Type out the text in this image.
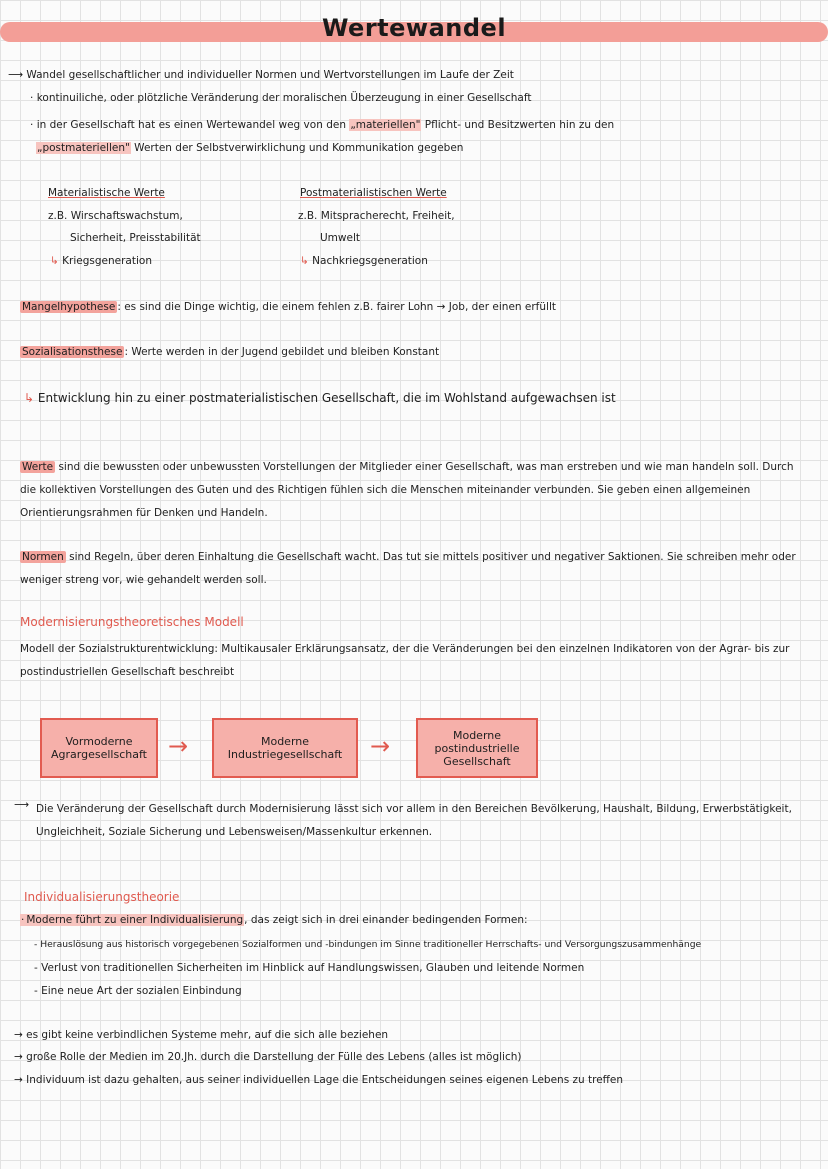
Wertewandel
⟶ Wandel gesellschaftlicher und individueller Normen und Wertvorstellungen im Laufe der Zeit
· kontinuiliche, oder plötzliche Veränderung der moralischen Überzeugung in einer Gesellschaft
· in der Gesellschaft hat es einen Wertewandel weg von den „materiellen" Pflicht- und Besitzwerten hin zu den
„postmateriellen" Werten der Selbstverwirklichung und Kommunikation gegeben
Materialistische Werte
z.B. Wirschaftswachstum,
Sicherheit, Preisstabilität
↳ Kriegsgeneration
Postmaterialistischen Werte
z.B. Mitspracherecht, Freiheit,
Umwelt
↳ Nachkriegsgeneration
Mangelhypothese : es sind die Dinge wichtig, die einem fehlen z.B. fairer Lohn → Job, der einen erfüllt
Sozialisationsthese : Werte werden in der Jugend gebildet und bleiben Konstant
↳ Entwicklung hin zu einer postmaterialistischen Gesellschaft, die im Wohlstand aufgewachsen ist
Werte sind die bewussten oder unbewussten Vorstellungen der Mitglieder einer Gesellschaft, was man erstreben und wie man handeln soll. Durch die kollektiven Vorstellungen des Guten und des Richtigen fühlen sich die Menschen miteinander verbunden. Sie geben einen allgemeinen Orientierungsrahmen für Denken und Handeln.
Normen sind Regeln, über deren Einhaltung die Gesellschaft wacht. Das tut sie mittels positiver und negativer Saktionen. Sie schreiben mehr oder weniger streng vor, wie gehandelt werden soll.
Modernisierungstheoretisches Modell
Modell der Sozialstrukturentwicklung: Multikausaler Erklärungsansatz, der die Veränderungen bei den einzelnen Indikatoren von der Agrar- bis zur postindustriellen Gesellschaft beschreibt
Vormoderne
Agrargesellschaft →	Moderne
Industriegesellschaft →	Moderne
postindustrielle
Gesellschaft
⟶ Die Veränderung der Gesellschaft durch Modernisierung lässt sich vor allem in den Bereichen Bevölkerung, Haushalt, Bildung, Erwerbstätigkeit, Ungleichheit, Soziale Sicherung und Lebensweisen/Massenkultur erkennen.
Individualisierungstheorie
· Moderne führt zu einer Individualisierung, das zeigt sich in drei einander bedingenden Formen:
- Herauslösung aus historisch vorgegebenen Sozialformen und -bindungen im Sinne traditioneller Herrschafts- und Versorgungszusammenhänge
- Verlust von traditionellen Sicherheiten im Hinblick auf Handlungswissen, Glauben und leitende Normen
- Eine neue Art der sozialen Einbindung
→ es gibt keine verbindlichen Systeme mehr, auf die sich alle beziehen
→ große Rolle der Medien im 20.Jh. durch die Darstellung der Fülle des Lebens (alles ist möglich)
→ Individuum ist dazu gehalten, aus seiner individuellen Lage die Entscheidungen seines eigenen Lebens zu treffen
